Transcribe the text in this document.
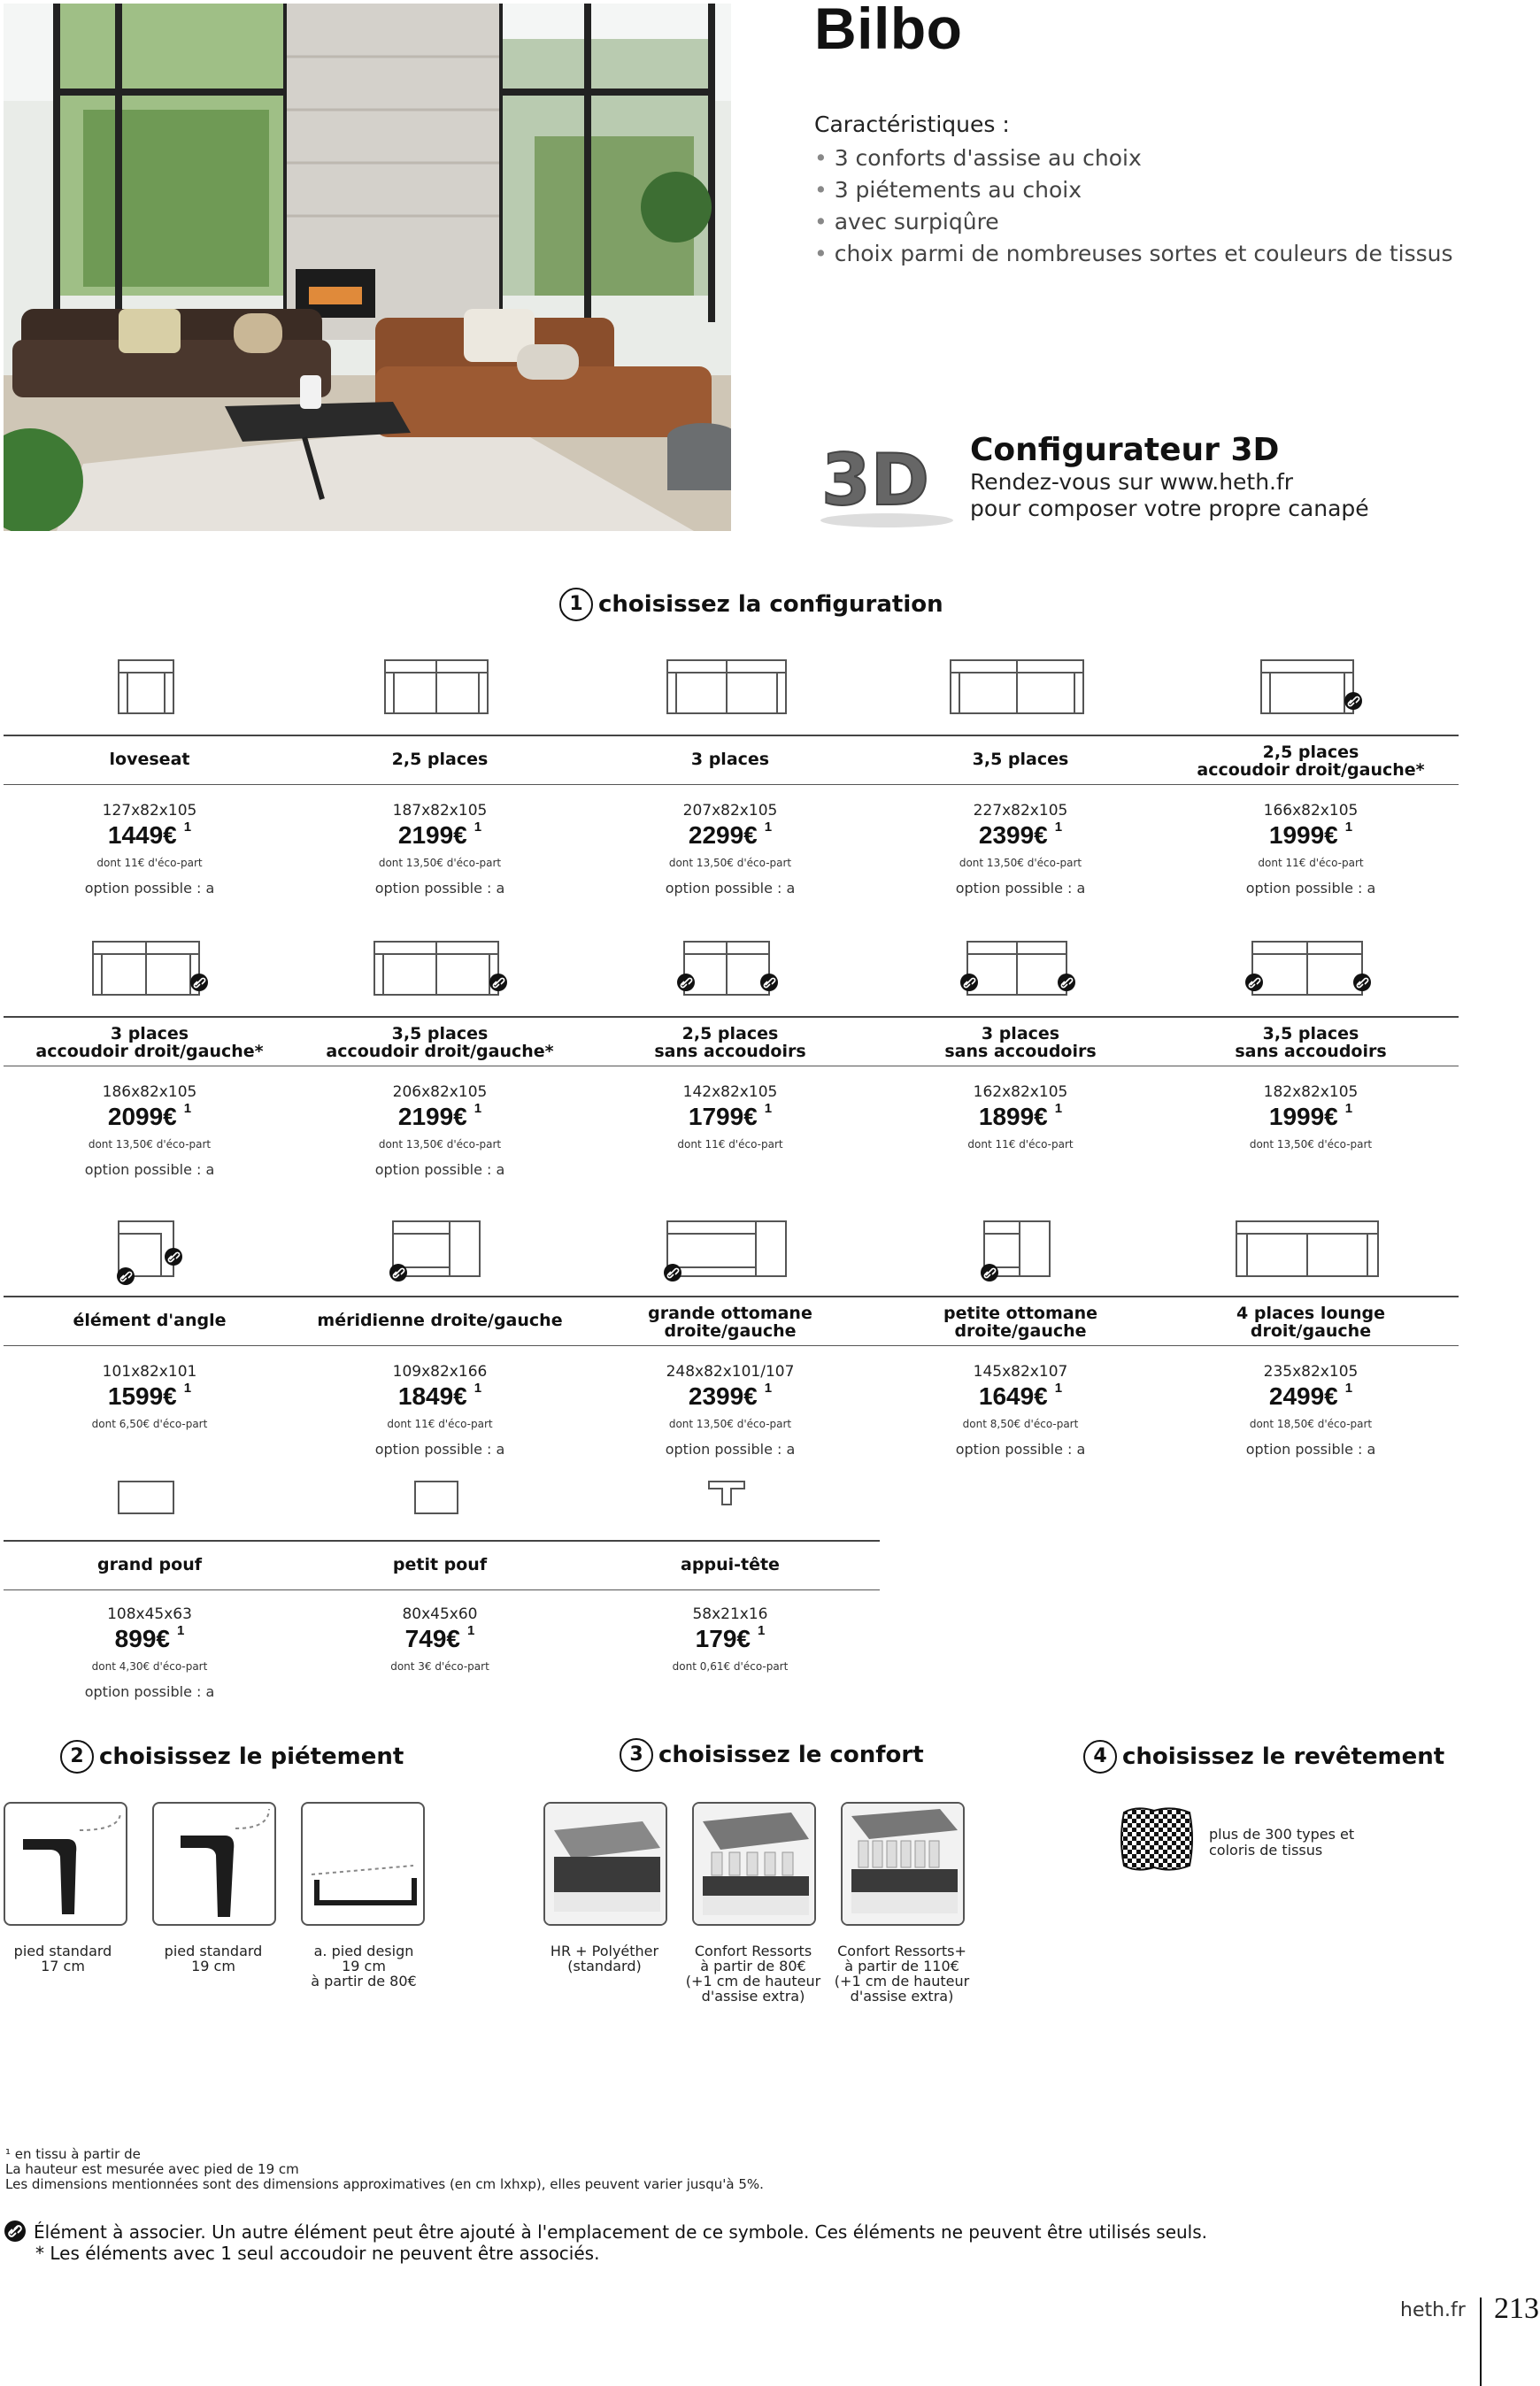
Bilbo
Caractéristiques :
• 3 conforts d'assise au choix
• 3 piétements au choix
• avec surpiqûre
• choix parmi de nombreuses sortes et couleurs de tissus
3D Configurateur 3D
Rendez-vous sur www.heth.fr
pour composer votre propre canapé
1 choisissez la configuration
loveseat
127x82x105
1449€ $^1$
dont 11€ d'éco-part
option possible : a
2,5 places
187x82x105
2199€ $^1$
dont 13,50€ d'éco-part
option possible : a
3 places
207x82x105
2299€ $^1$
dont 13,50€ d'éco-part
option possible : a
3,5 places
227x82x105
2399€ $^1$
dont 13,50€ d'éco-part
option possible : a
2,5 places
accoudoir droit/gauche*
166x82x105
1999€ $^1$
dont 11€ d'éco-part
option possible : a
3 places
accoudoir droit/gauche*
186x82x105
2099€ $^1$
dont 13,50€ d'éco-part
option possible : a
3,5 places
accoudoir droit/gauche*
206x82x105
2199€ $^1$
dont 13,50€ d'éco-part
option possible : a
2,5 places
sans accoudoirs
142x82x105
1799€ $^1$
dont 11€ d'éco-part
3 places
sans accoudoirs
162x82x105
1899€ $^1$
dont 11€ d'éco-part
3,5 places
sans accoudoirs
182x82x105
1999€ $^1$
dont 13,50€ d'éco-part
élément d'angle
101x82x101
1599€ $^1$
dont 6,50€ d'éco-part
méridienne droite/gauche
109x82x166
1849€ $^1$
dont 11€ d'éco-part
option possible : a
grande ottomane
droite/gauche
248x82x101/107
2399€ $^1$
dont 13,50€ d'éco-part
option possible : a
petite ottomane
droite/gauche
145x82x107
1649€ $^1$
dont 8,50€ d'éco-part
option possible : a
4 places lounge
droit/gauche
235x82x105
2499€ $^1$
dont 18,50€ d'éco-part
option possible : a
grand pouf
108x45x63
899€ $^1$
dont 4,30€ d'éco-part
option possible : a
petit pouf
80x45x60
749€ $^1$
dont 3€ d'éco-part
appui-tête
58x21x16
179€ $^1$
dont 0,61€ d'éco-part
2 choisissez le piétement
pied standard
17 cm
pied standard
19 cm
a. pied design
19 cm
à partir de 80€
3 choisissez le confort
HR + Polyéther
(standard)
Confort Ressorts
à partir de 80€
(+1 cm de hauteur
d'assise extra)
Confort Ressorts+
à partir de 110€
(+1 cm de hauteur
d'assise extra)
4 choisissez le revêtement
plus de 300 types et
coloris de tissus
¹ en tissu à partir de
La hauteur est mesurée avec pied de 19 cm
Les dimensions mentionnées sont des dimensions approximatives (en cm lxhxp), elles peuvent varier jusqu'à 5%.
Élément à associer. Un autre élément peut être ajouté à l'emplacement de ce symbole. Ces éléments ne peuvent être utilisés seuls.
* Les éléments avec 1 seul accoudoir ne peuvent être associés.
heth.fr 213
